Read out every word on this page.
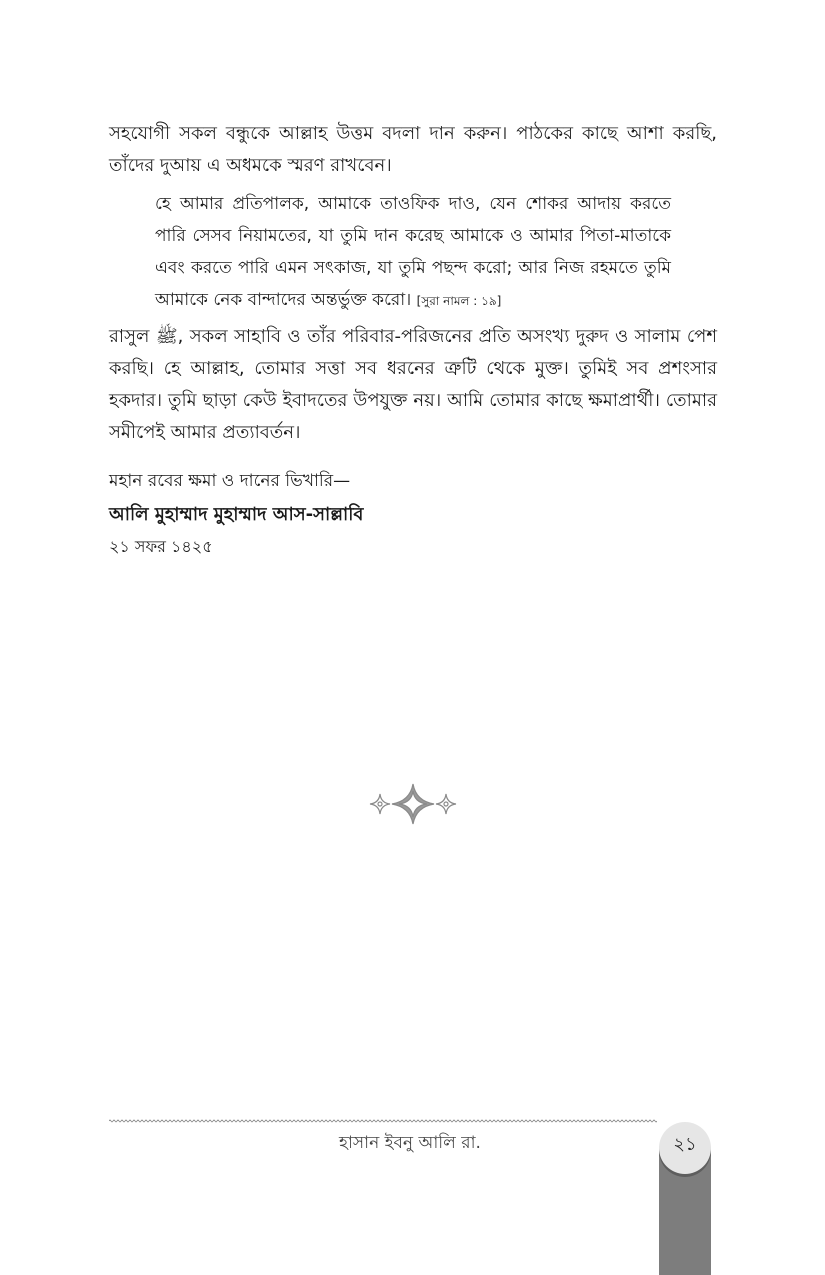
সহযোগী সকল বন্ধুকে আল্লাহ উত্তম বদলা দান করুন। পাঠকের কাছে আশা করছি, তাঁদের দুআয় এ অধমকে স্মরণ রাখবেন।
হে আমার প্রতিপালক, আমাকে তাওফিক দাও, যেন শোকর আদায় করতে পারি সেসব নিয়ামতের, যা তুমি দান করেছ আমাকে ও আমার পিতা-মাতাকে এবং করতে পারি এমন সৎকাজ, যা তুমি পছন্দ করো; আর নিজ রহমতে তুমি আমাকে নেক বান্দাদের অন্তর্ভুক্ত করো। [সুরা নামল : ১৯]
রাসুল ﷺ, সকল সাহাবি ও তাঁর পরিবার-পরিজনের প্রতি অসংখ্য দুরুদ ও সালাম পেশ করছি। হে আল্লাহ, তোমার সত্তা সব ধরনের ত্রুটি থেকে মুক্ত। তুমিই সব প্রশংসার হকদার। তুমি ছাড়া কেউ ইবাদতের উপযুক্ত নয়। আমি তোমার কাছে ক্ষমাপ্রার্থী। তোমার সমীপেই আমার প্রত্যাবর্তন।
মহান রবের ক্ষমা ও দানের ভিখারি—
আলি মুহাম্মাদ মুহাম্মাদ আস-সাল্লাবি
২১ সফর ১৪২৫
হাসান ইবনু আলি রা.	২১
